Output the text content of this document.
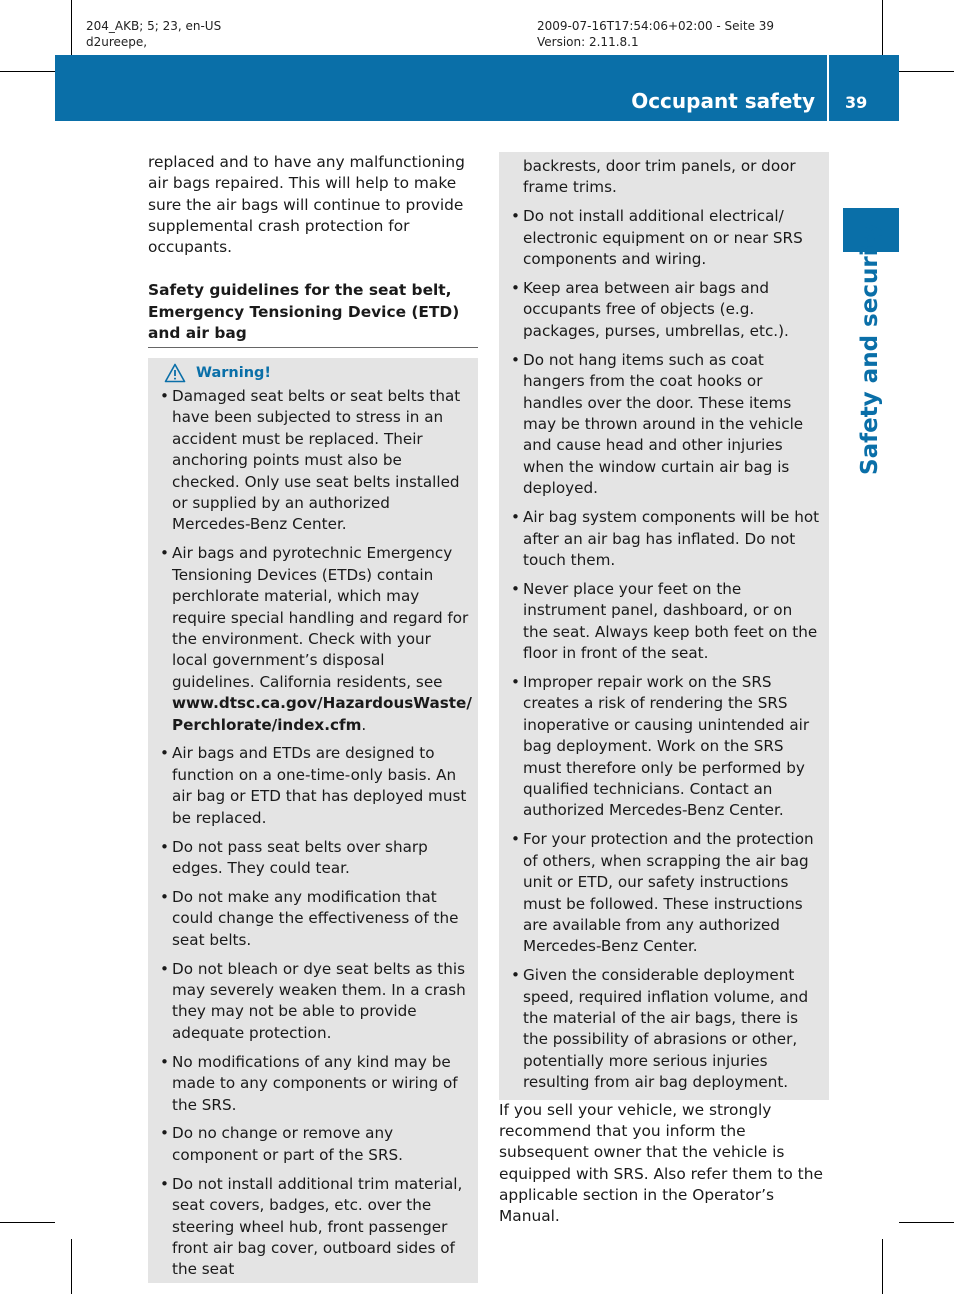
204_AKB; 5; 23, en-US
d2ureepe,
2009-07-16T17:54:06+02:00 - Seite 39
Version: 2.11.8.1
Occupant safety 39
Safety and security

replaced and to have any malfunctioning air bags repaired. This will help to make sure the air bags will continue to provide supplemental crash protection for occupants.

Safety guidelines for the seat belt, Emergency Tensioning Device (ETD) and air bag
Warning!
• Damaged seat belts or seat belts that have been subjected to stress in an accident must be replaced. Their anchoring points must also be checked. Only use seat belts installed or supplied by an authorized Mercedes-Benz Center.
• Air bags and pyrotechnic Emergency Tensioning Devices (ETDs) contain perchlorate material, which may require special handling and regard for the environment. Check with your local government’s disposal guidelines. California residents, see
www.dtsc.ca.gov/HazardousWaste/ Perchlorate/index.cfm.
• Air bags and ETDs are designed to function on a one-time-only basis. An air bag or ETD that has deployed must be replaced.
• Do not pass seat belts over sharp edges. They could tear.
• Do not make any modification that could change the effectiveness of the seat belts.
• Do not bleach or dye seat belts as this may severely weaken them. In a crash they may not be able to provide adequate protection.
• No modifications of any kind may be made to any components or wiring of the SRS.
• Do no change or remove any component or part of the SRS.
• Do not install additional trim material, seat covers, badges, etc. over the steering wheel hub, front passenger front air bag cover, outboard sides of the seat
backrests, door trim panels, or door frame trims.
• Do not install additional electrical/ electronic equipment on or near SRS components and wiring.
• Keep area between air bags and occupants free of objects (e.g. packages, purses, umbrellas, etc.).
• Do not hang items such as coat hangers from the coat hooks or handles over the door. These items may be thrown around in the vehicle and cause head and other injuries when the window curtain air bag is deployed.
• Air bag system components will be hot after an air bag has inflated. Do not touch them.
• Never place your feet on the instrument panel, dashboard, or on the seat. Always keep both feet on the floor in front of the seat.
• Improper repair work on the SRS creates a risk of rendering the SRS inoperative or causing unintended air bag deployment. Work on the SRS must therefore only be performed by qualified technicians. Contact an authorized Mercedes-Benz Center.
• For your protection and the protection of others, when scrapping the air bag unit or ETD, our safety instructions must be followed. These instructions are available from any authorized Mercedes-Benz Center.
• Given the considerable deployment speed, required inflation volume, and the material of the air bags, there is the possibility of abrasions or other, potentially more serious injuries resulting from air bag deployment.

If you sell your vehicle, we strongly recommend that you inform the subsequent owner that the vehicle is equipped with SRS. Also refer them to the applicable section in the Operator’s Manual.
